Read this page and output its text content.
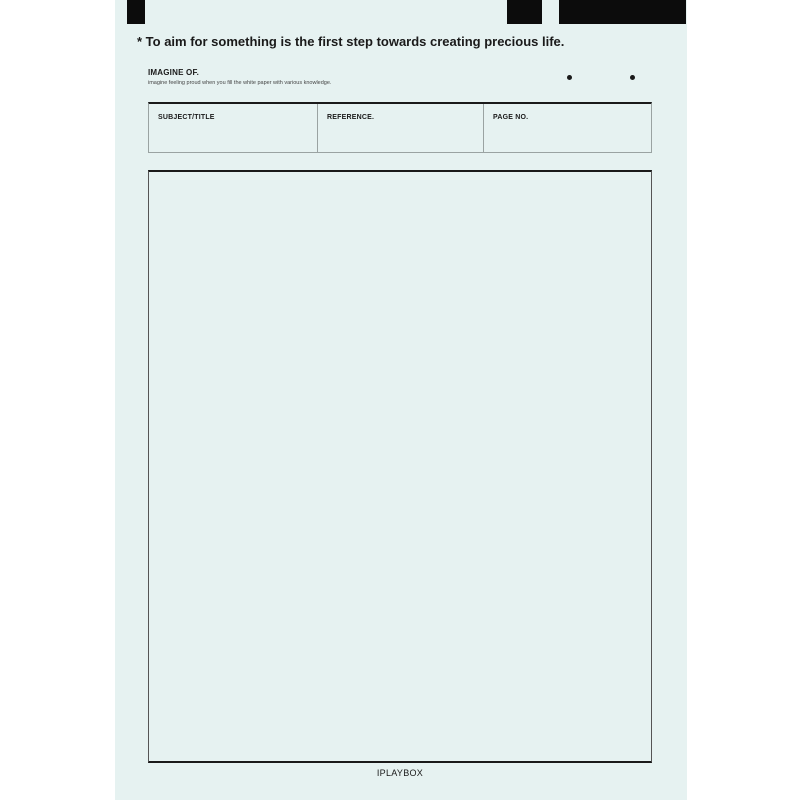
* To aim for something is the first step towards creating precious life.
IMAGINE OF.
imagine feeling proud when you fill the white paper with various knowledge.
SUBJECT/TITLE	REFERENCE.	PAGE NO.
IPLAYBOX
